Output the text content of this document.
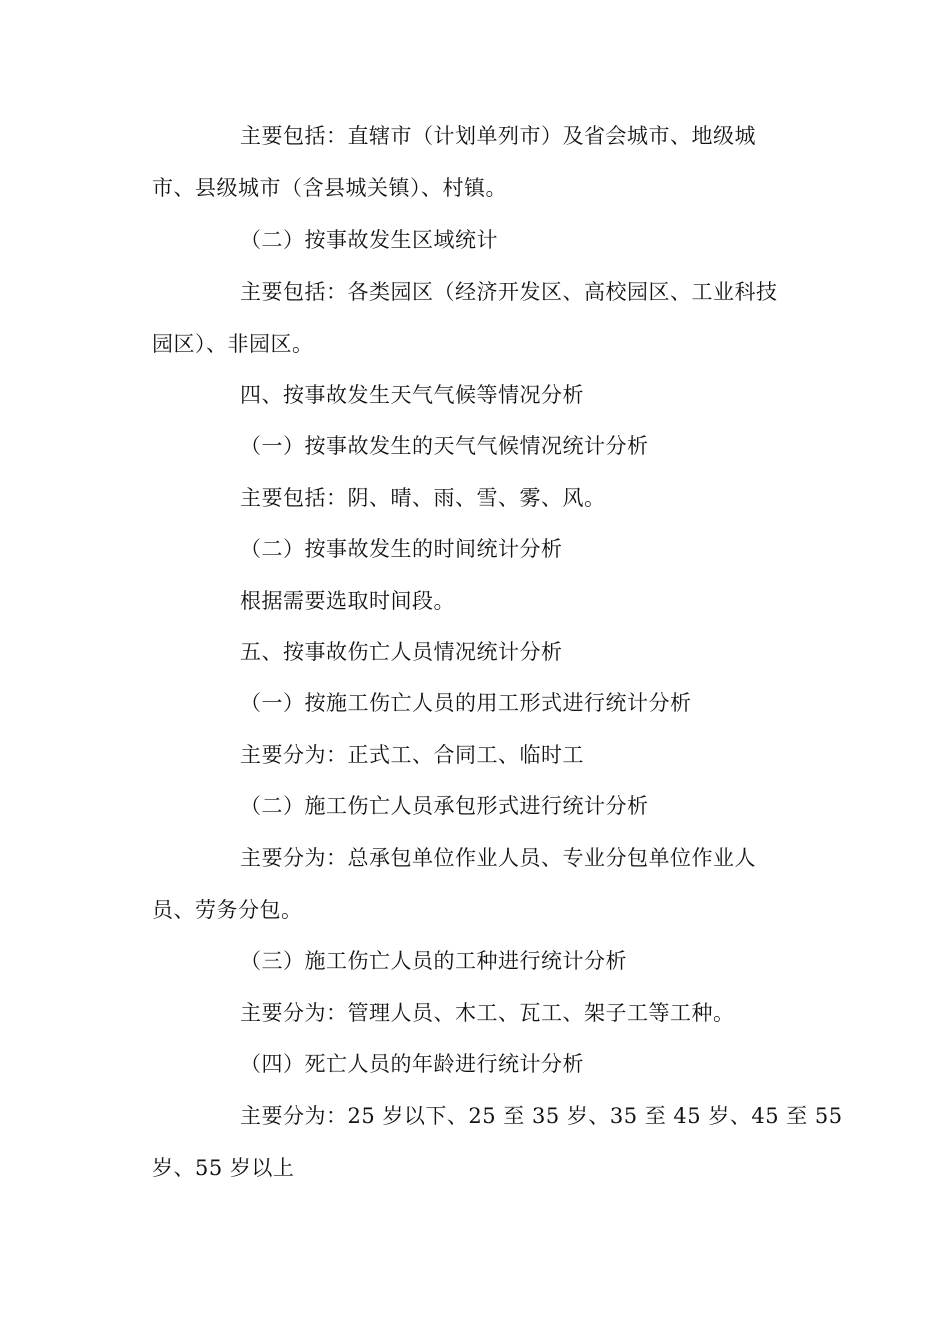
主要包括：直辖市（计划单列市）及省会城市、地级城
市、县级城市（含县城关镇）、村镇。
（二）按事故发生区域统计
主要包括：各类园区（经济开发区、高校园区、工业科技
园区）、非园区。
四、按事故发生天气气候等情况分析
（一）按事故发生的天气气候情况统计分析
主要包括：阴、晴、雨、雪、雾、风。
（二）按事故发生的时间统计分析
根据需要选取时间段。
五、按事故伤亡人员情况统计分析
（一）按施工伤亡人员的用工形式进行统计分析
主要分为：正式工、合同工、临时工
（二）施工伤亡人员承包形式进行统计分析
主要分为：总承包单位作业人员、专业分包单位作业人
员、劳务分包。
（三）施工伤亡人员的工种进行统计分析
主要分为：管理人员、木工、瓦工、架子工等工种。
（四）死亡人员的年龄进行统计分析
主要分为：25 岁以下、25 至 35 岁、35 至 45 岁、45 至 55
岁、55 岁以上
